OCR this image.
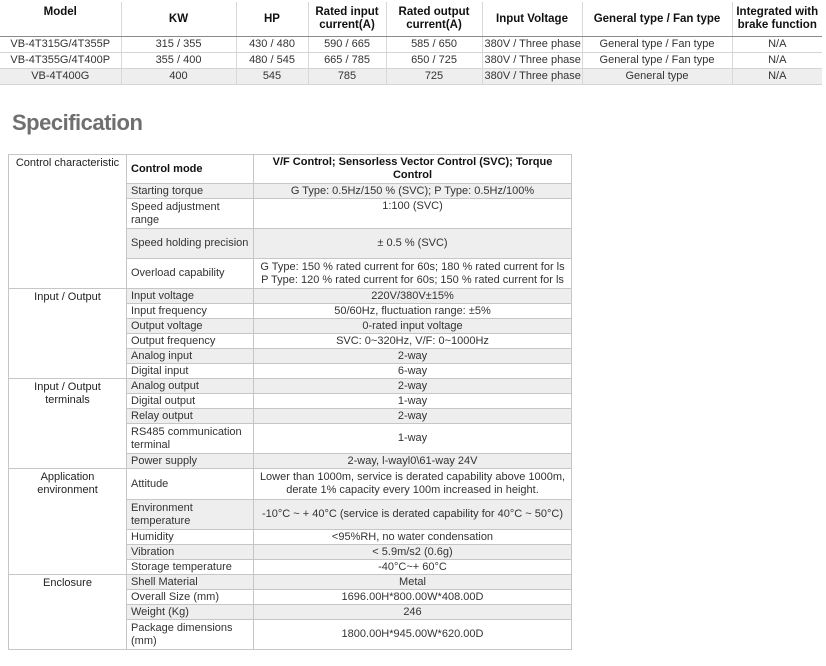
Model	KW	HP	Rated input current(A)	Rated output current(A)	Input Voltage	General type / Fan type	Integrated with brake function
VB-4T315G/4T355P	315 / 355	430 / 480	590 / 665	585 / 650	380V / Three phase	General type / Fan type	N/A
VB-4T355G/4T400P	355 / 400	480 / 545	665 / 785	650 / 725	380V / Three phase	General type / Fan type	N/A
VB-4T400G	400	545	785	725	380V / Three phase	General type	N/A
Specification
Control characteristic	Control mode	V/F Control; Sensorless Vector Control (SVC); Torque Control
	Starting torque	G Type: 0.5Hz/150 % (SVC); P Type: 0.5Hz/100%
	Speed adjustment range	1:100 (SVC)
	Speed holding precision	± 0.5 % (SVC)
	Overload capability	G Type: 150 % rated current for 60s; 180 % rated current for ls P Type: 120 % rated current for 60s; 150 % rated current for ls
Input / Output	Input voltage	220V/380V±15%
	Input frequency	50/60Hz, fluctuation range: ±5%
	Output voltage	0-rated input voltage
	Output frequency	SVC: 0~320Hz, V/F: 0~1000Hz
	Analog input	2-way
	Digital input	6-way
Input / Output terminals	Analog output	2-way
	Digital output	1-way
	Relay output	2-way
	RS485 communication terminal	1-way
	Power supply	2-way, l-wayl0\61-way 24V
Application environment	Attitude	Lower than 1000m, service is derated capability above 1000m, derate 1% capacity every 100m increased in height.
	Environment temperature	-10°C ~ + 40°C (service is derated capability for 40°C ~ 50°C)
	Humidity	<95%RH, no water condensation
	Vibration	< 5.9m/s2 (0.6g)
	Storage temperature	-40°C~+ 60°C
Enclosure	Shell Material	Metal
	Overall Size (mm)	1696.00H*800.00W*408.00D
	Weight (Kg)	246
	Package dimensions (mm)	1800.00H*945.00W*620.00D
